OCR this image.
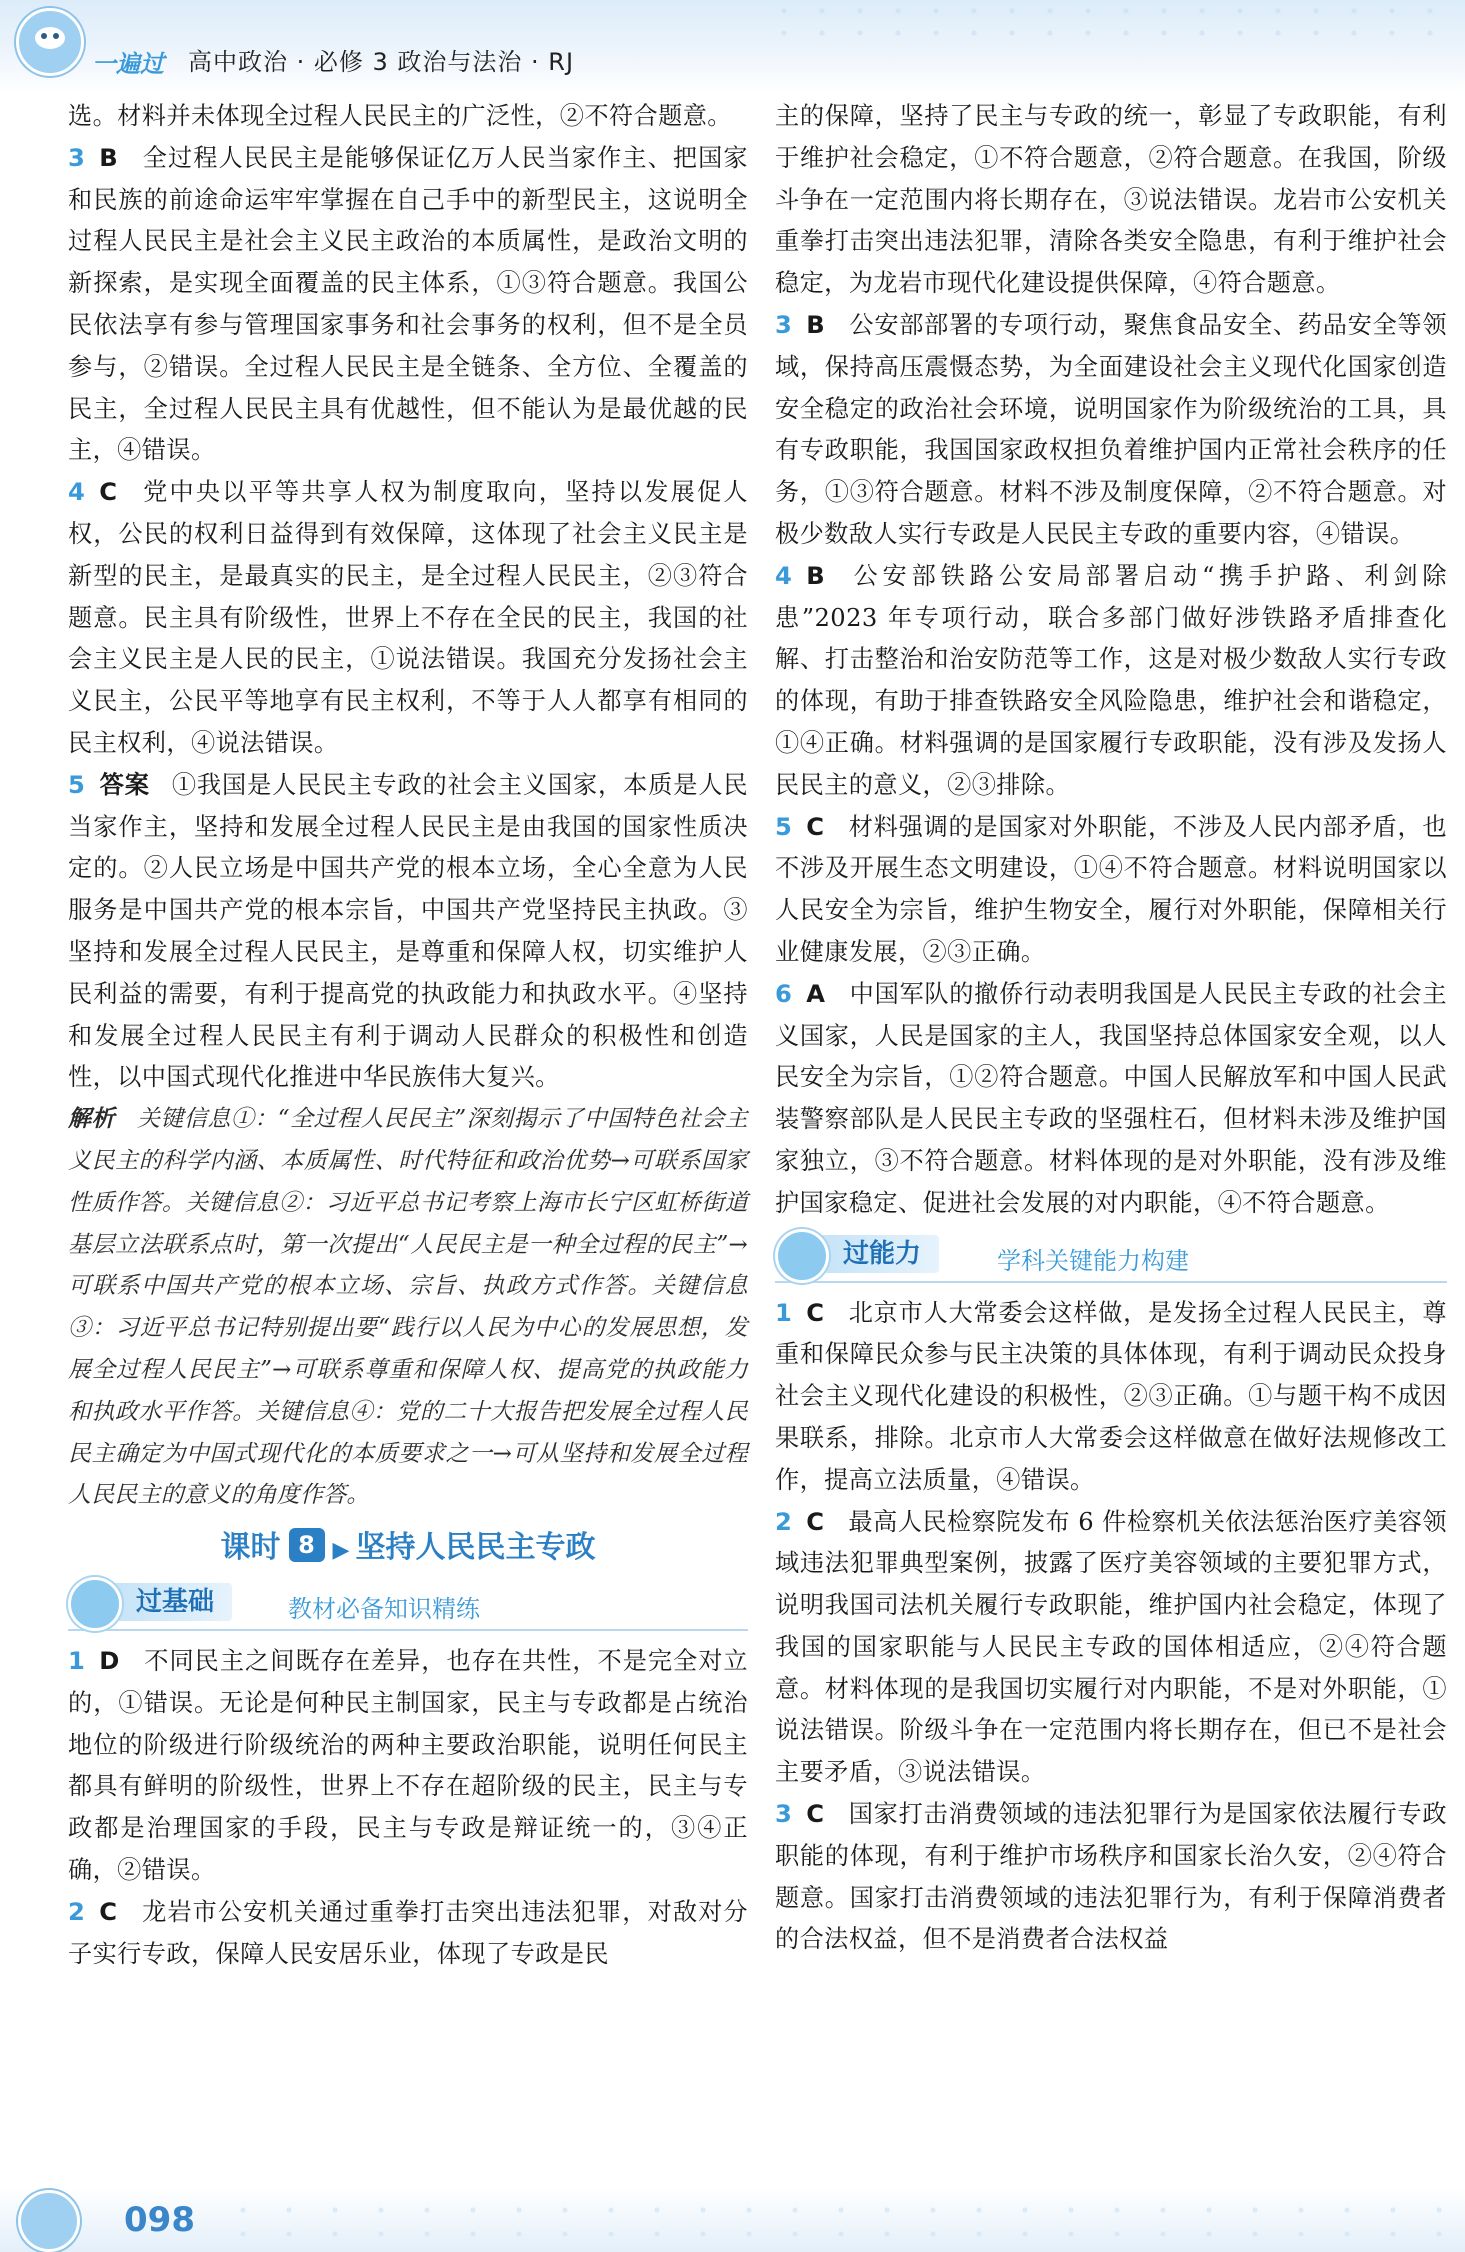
一遍过 高中政治 · 必修 3 政治与法治 · RJ

选。材料并未体现全过程人民民主的广泛性，②不符合题意。

3 B 全过程人民民主是能够保证亿万人民当家作主、把国家和民族的前途命运牢牢掌握在自己手中的新型民主，这说明全过程人民民主是社会主义民主政治的本质属性，是政治文明的新探索，是实现全面覆盖的民主体系，①③符合题意。我国公民依法享有参与管理国家事务和社会事务的权利，但不是全员参与，②错误。全过程人民民主是全链条、全方位、全覆盖的民主，全过程人民民主具有优越性，但不能认为是最优越的民主，④错误。

4 C 党中央以平等共享人权为制度取向，坚持以发展促人权，公民的权利日益得到有效保障，这体现了社会主义民主是新型的民主，是最真实的民主，是全过程人民民主，②③符合题意。民主具有阶级性，世界上不存在全民的民主，我国的社会主义民主是人民的民主，①说法错误。我国充分发扬社会主义民主，公民平等地享有民主权利，不等于人人都享有相同的民主权利，④说法错误。

5 答案 ①我国是人民民主专政的社会主义国家，本质是人民当家作主，坚持和发展全过程人民民主是由我国的国家性质决定的。②人民立场是中国共产党的根本立场，全心全意为人民服务是中国共产党的根本宗旨，中国共产党坚持民主执政。③坚持和发展全过程人民民主，是尊重和保障人权，切实维护人民利益的需要，有利于提高党的执政能力和执政水平。④坚持和发展全过程人民民主有利于调动人民群众的积极性和创造性，以中国式现代化推进中华民族伟大复兴。

解析 关键信息①：“全过程人民民主”深刻揭示了中国特色社会主义民主的科学内涵、本质属性、时代特征和政治优势→可联系国家性质作答。关键信息②：习近平总书记考察上海市长宁区虹桥街道基层立法联系点时，第一次提出“人民民主是一种全过程的民主”→可联系中国共产党的根本立场、宗旨、执政方式作答。关键信息③：习近平总书记特别提出要“践行以人民为中心的发展思想，发展全过程人民民主”→可联系尊重和保障人权、提高党的执政能力和执政水平作答。关键信息④：党的二十大报告把发展全过程人民民主确定为中国式现代化的本质要求之一→可从坚持和发展全过程人民民主的意义的角度作答。

课时 8 ▶ 坚持人民民主专政
过基础	教材必备知识精练

1 D 不同民主之间既存在差异，也存在共性，不是完全对立的，①错误。无论是何种民主制国家，民主与专政都是占统治地位的阶级进行阶级统治的两种主要政治职能，说明任何民主都具有鲜明的阶级性，世界上不存在超阶级的民主，民主与专政都是治理国家的手段，民主与专政是辩证统一的，③④正确，②错误。

2 C 龙岩市公安机关通过重拳打击突出违法犯罪，对敌对分子实行专政，保障人民安居乐业，体现了专政是民

主的保障，坚持了民主与专政的统一，彰显了专政职能，有利于维护社会稳定，①不符合题意，②符合题意。在我国，阶级斗争在一定范围内将长期存在，③说法错误。龙岩市公安机关重拳打击突出违法犯罪，清除各类安全隐患，有利于维护社会稳定，为龙岩市现代化建设提供保障，④符合题意。

3 B 公安部部署的专项行动，聚焦食品安全、药品安全等领域，保持高压震慑态势，为全面建设社会主义现代化国家创造安全稳定的政治社会环境，说明国家作为阶级统治的工具，具有专政职能，我国国家政权担负着维护国内正常社会秩序的任务，①③符合题意。材料不涉及制度保障，②不符合题意。对极少数敌人实行专政是人民民主专政的重要内容，④错误。

4 B 公安部铁路公安局部署启动“携手护路、利剑除患”2023 年专项行动，联合多部门做好涉铁路矛盾排查化解、打击整治和治安防范等工作，这是对极少数敌人实行专政的体现，有助于排查铁路安全风险隐患，维护社会和谐稳定，①④正确。材料强调的是国家履行专政职能，没有涉及发扬人民民主的意义，②③排除。

5 C 材料强调的是国家对外职能，不涉及人民内部矛盾，也不涉及开展生态文明建设，①④不符合题意。材料说明国家以人民安全为宗旨，维护生物安全，履行对外职能，保障相关行业健康发展，②③正确。

6 A 中国军队的撤侨行动表明我国是人民民主专政的社会主义国家，人民是国家的主人，我国坚持总体国家安全观，以人民安全为宗旨，①②符合题意。中国人民解放军和中国人民武装警察部队是人民民主专政的坚强柱石，但材料未涉及维护国家独立，③不符合题意。材料体现的是对外职能，没有涉及维护国家稳定、促进社会发展的对内职能，④不符合题意。

过能力	学科关键能力构建

1 C 北京市人大常委会这样做，是发扬全过程人民民主，尊重和保障民众参与民主决策的具体体现，有利于调动民众投身社会主义现代化建设的积极性，②③正确。①与题干构不成因果联系，排除。北京市人大常委会这样做意在做好法规修改工作，提高立法质量，④错误。

2 C 最高人民检察院发布 6 件检察机关依法惩治医疗美容领域违法犯罪典型案例，披露了医疗美容领域的主要犯罪方式，说明我国司法机关履行专政职能，维护国内社会稳定，体现了我国的国家职能与人民民主专政的国体相适应，②④符合题意。材料体现的是我国切实履行对内职能，不是对外职能，①说法错误。阶级斗争在一定范围内将长期存在，但已不是社会主要矛盾，③说法错误。

3 C 国家打击消费领域的违法犯罪行为是国家依法履行专政职能的体现，有利于维护市场秩序和国家长治久安，②④符合题意。国家打击消费领域的违法犯罪行为，有利于保障消费者的合法权益，但不是消费者合法权益

098
